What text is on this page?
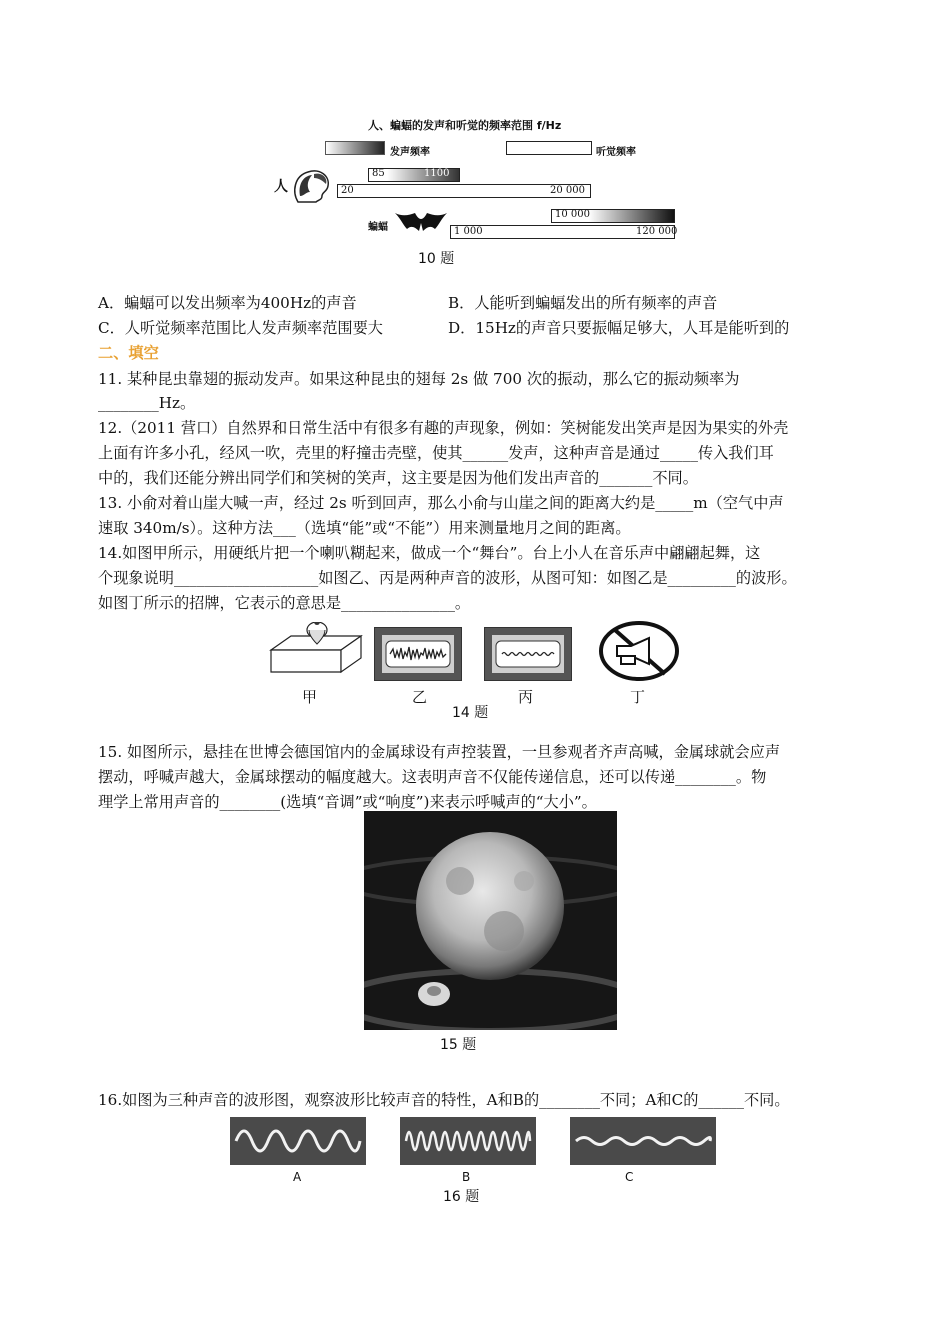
人、蝙蝠的发声和听觉的频率范围 f/Hz
发声频率	听觉频率
人
85	1100
20	20 000
蝙蝠
10 000
1 000	120 000
10 题
A．蝙蝠可以发出频率为400Hz的声音	B．人能听到蝙蝠发出的所有频率的声音
C．人听觉频率范围比人发声频率范围要大	D．15Hz的声音只要振幅足够大，人耳是能听到的
二、填空
11. 某种昆虫靠翅的振动发声。如果这种昆虫的翅每 2s 做 700 次的振动，那么它的振动频率为
________Hz。
12.（2011 营口）自然界和日常生活中有很多有趣的声现象，例如：笑树能发出笑声是因为果实的外壳
上面有许多小孔，经风一吹，壳里的籽撞击壳壁，使其______发声，这种声音是通过_____传入我们耳
中的，我们还能分辨出同学们和笑树的笑声，这主要是因为他们发出声音的_______不同。
13. 小俞对着山崖大喊一声，经过 2s 听到回声，那么小俞与山崖之间的距离大约是_____m（空气中声
速取 340m/s）。这种方法___（选填“能”或“不能”）用来测量地月之间的距离。
14.如图甲所示，用硬纸片把一个喇叭糊起来，做成一个“舞台”。台上小人在音乐声中翩翩起舞，这
个现象说明___________________如图乙、丙是两种声音的波形，从图可知：如图乙是_________的波形。
如图丁所示的招牌，它表示的意思是_______________。
甲	乙	丙	丁
14 题
15. 如图所示，悬挂在世博会德国馆内的金属球设有声控装置，一旦参观者齐声高喊，金属球就会应声
摆动，呼喊声越大，金属球摆动的幅度越大。这表明声音不仅能传递信息，还可以传递________。物
理学上常用声音的________(选填“音调”或“响度”)来表示呼喊声的“大小”。
15 题
16.如图为三种声音的波形图，观察波形比较声音的特性，A和B的________不同；A和C的______不同。
A	B	C
16 题
